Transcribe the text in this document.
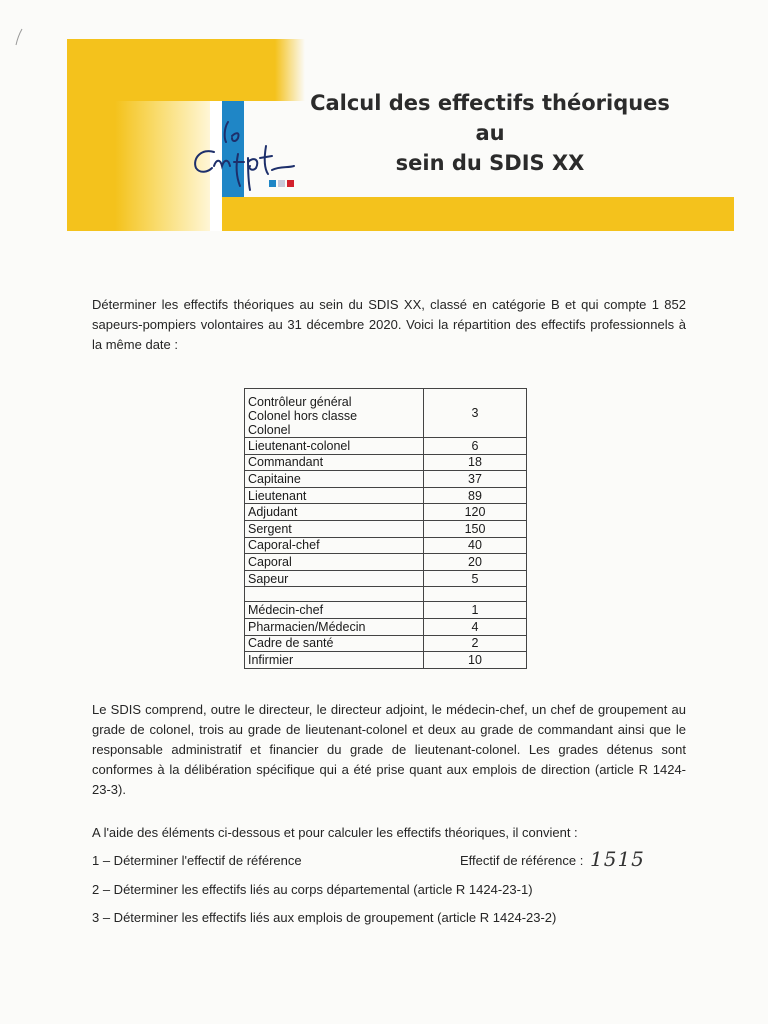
Calcul des effectifs théoriques au
sein du SDIS XX
Déterminer les effectifs théoriques au sein du SDIS XX, classé en catégorie B et qui compte 1 852 sapeurs-pompiers volontaires au 31 décembre 2020. Voici la répartition des effectifs professionnels à la même date :
Contrôleur général
Colonel hors classe
Colonel	3
Lieutenant-colonel	6
Commandant	18
Capitaine	37
Lieutenant	89
Adjudant	120
Sergent	150
Caporal-chef	40
Caporal	20
Sapeur	5

Médecin-chef	1
Pharmacien/Médecin	4
Cadre de santé	2
Infirmier	10
Le SDIS comprend, outre le directeur, le directeur adjoint, le médecin-chef, un chef de groupement au grade de colonel, trois au grade de lieutenant-colonel et deux au grade de commandant ainsi que le responsable administratif et financier du grade de lieutenant-colonel. Les grades détenus sont conformes à la délibération spécifique qui a été prise quant aux emplois de direction (article R 1424-23-3).
A l'aide des éléments ci-dessous et pour calculer les effectifs théoriques, il convient :
1 – Déterminer l'effectif de référence	Effectif de référence : 1515
2 – Déterminer les effectifs liés au corps départemental (article R 1424-23-1)
3 – Déterminer les effectifs liés aux emplois de groupement (article R 1424-23-2)
